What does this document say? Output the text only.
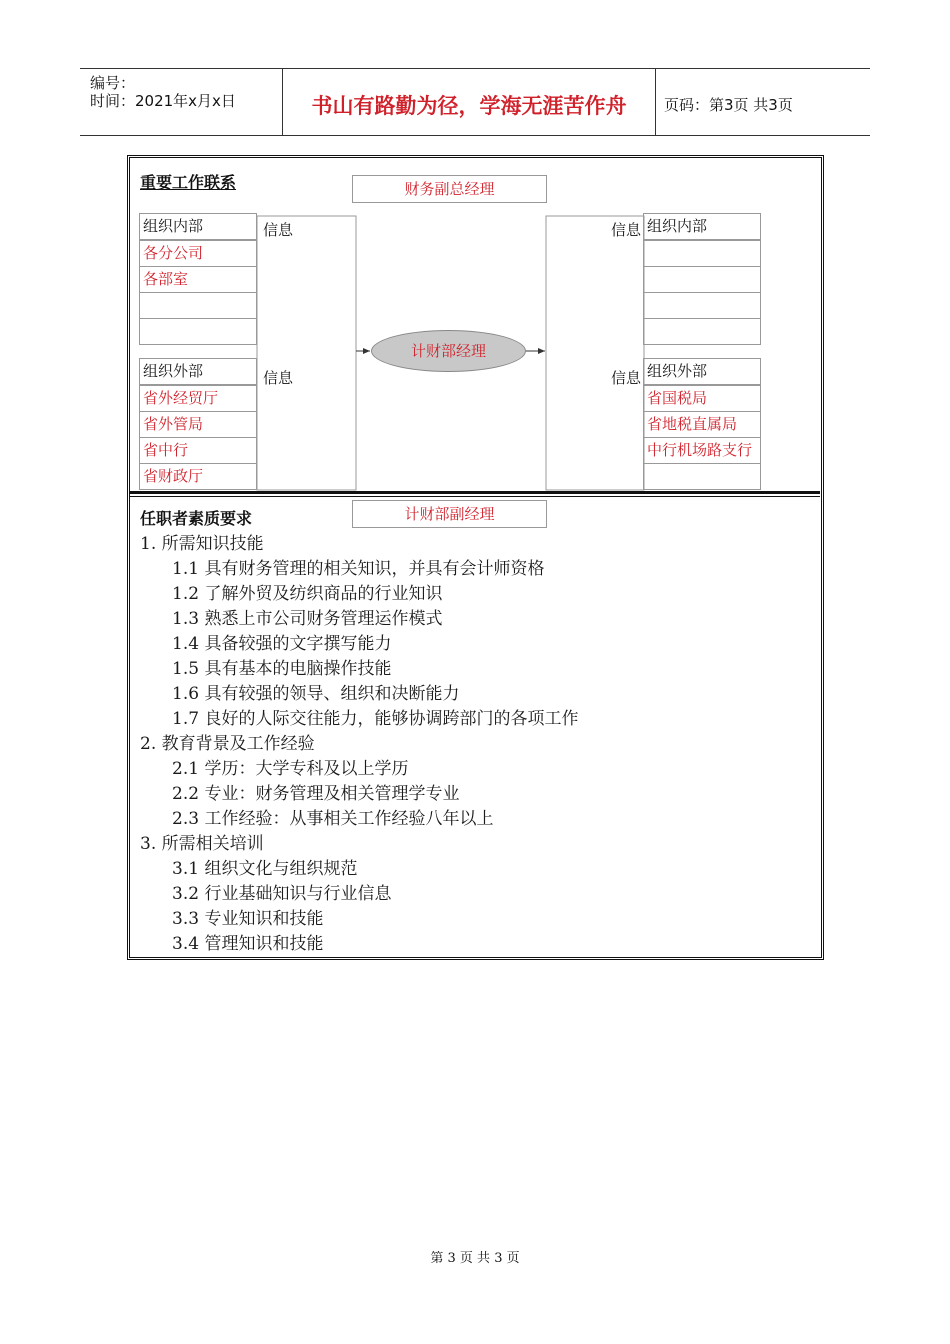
编号：
时间：2021年x月x日	书山有路勤为径，学海无涯苦作舟	页码：第3页 共3页
重要工作联系	财务副总经理
组织内部
各分公司
各部室
组织外部
省外经贸厅
省外管局
省中行
省财政厅
组织内部
组织外部
省国税局
省地税直属局
中行机场路支行
信息
信息
信息
信息
计财部经理
任职者素质要求	计财部副经理
1. 所需知识技能
1.1 具有财务管理的相关知识，并具有会计师资格
1.2 了解外贸及纺织商品的行业知识
1.3 熟悉上市公司财务管理运作模式
1.4 具备较强的文字撰写能力
1.5 具有基本的电脑操作技能
1.6 具有较强的领导、组织和决断能力
1.7 良好的人际交往能力，能够协调跨部门的各项工作
2. 教育背景及工作经验
2.1 学历：大学专科及以上学历
2.2 专业：财务管理及相关管理学专业
2.3 工作经验：从事相关工作经验八年以上
3. 所需相关培训
3.1 组织文化与组织规范
3.2 行业基础知识与行业信息
3.3 专业知识和技能
3.4 管理知识和技能
第 3 页 共 3 页
